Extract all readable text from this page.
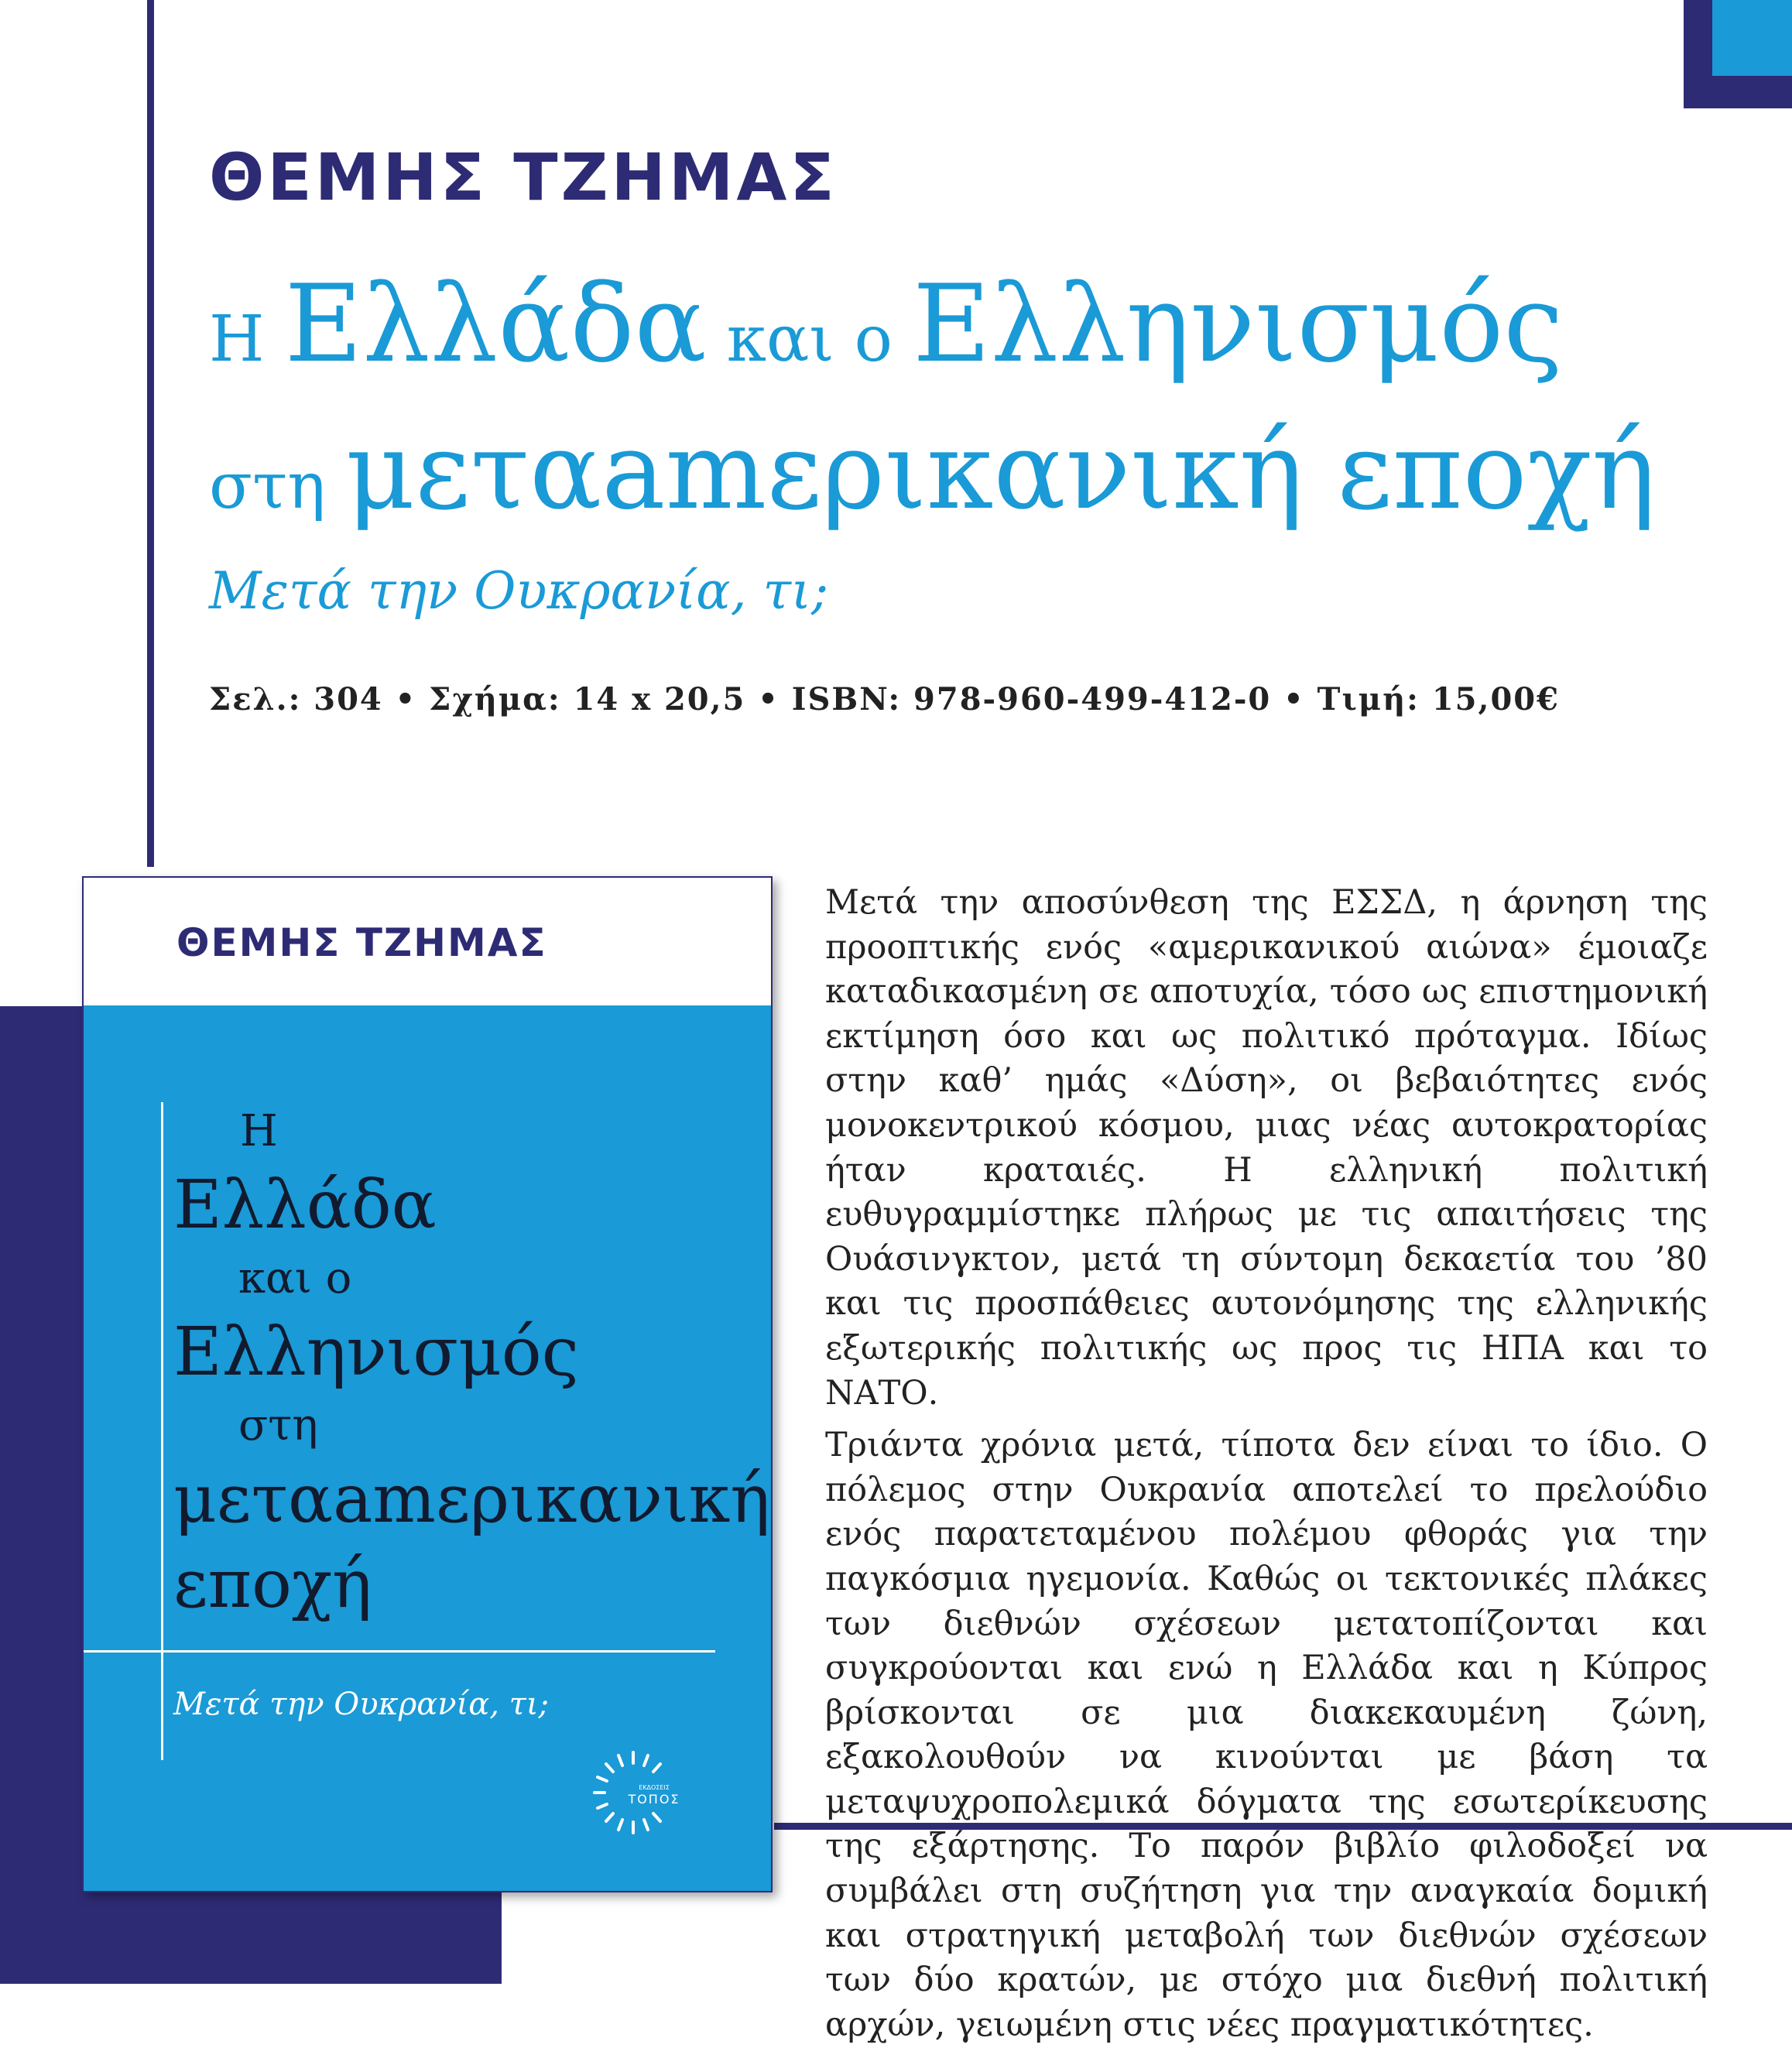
ΘΕΜΗΣ ΤΖΗΜΑΣ
Η Ελλάδα και ο Ελληνισμός
στη μεταamερικανική εποχή
Μετά την Ουκρανία, τι;
Σελ.: 304 • Σχήμα: 14 x 20,5 • ISBN: 978-960-499-412-0 • Τιμή: 15,00€
ΘΕΜΗΣ ΤΖΗΜΑΣ
Η
Ελλάδα
και ο
Ελληνισμός
στη
μεταamερικανική
εποχή
Μετά την Ουκρανία, τι;
ΕΚΔΟΣΕΙΣ
ΤΟΠΟΣ

Μετά την αποσύνθεση της ΕΣΣΔ, η άρνηση της προοπτικής ενός «αμερικανικού αιώνα» έμοιαζε καταδικασμένη σε αποτυχία, τόσο ως επιστημονική εκτίμηση όσο και ως πολιτικό πρόταγμα. Ιδίως στην καθ’ ημάς «Δύση», οι βεβαιότητες ενός μονοκεντρικού κόσμου, μιας νέας αυτοκρατορίας ήταν κραταιές. Η ελληνική πολιτική ευθυγραμμίστηκε πλήρως με τις απαιτήσεις της Ουάσινγκτον, μετά τη σύντομη δεκαετία του ’80 και τις προσπάθειες αυτονόμησης της ελληνικής εξωτερικής πολιτικής ως προς τις ΗΠΑ και το ΝΑΤΟ.

Τριάντα χρόνια μετά, τίποτα δεν είναι το ίδιο. Ο πόλεμος στην Ουκρανία αποτελεί το πρελούδιο ενός παρατεταμένου πολέμου φθοράς για την παγκόσμια ηγεμονία. Καθώς οι τεκτονικές πλάκες των διεθνών σχέσεων μετατοπίζονται και συγκρούονται και ενώ η Ελλάδα και η Κύπρος βρίσκονται σε μια διακεκαυμένη ζώνη, εξακολουθούν να κινούνται με βάση τα μεταψυχροπολεμικά δόγματα της εσωτερίκευσης της εξάρτησης. Το παρόν βιβλίο φιλοδοξεί να συμβάλει στη συζήτηση για την αναγκαία δομική και στρατηγική μεταβολή των διεθνών σχέσεων των δύο κρατών, με στόχο μια διεθνή πολιτική αρχών, γειωμένη στις νέες πραγματικότητες.
